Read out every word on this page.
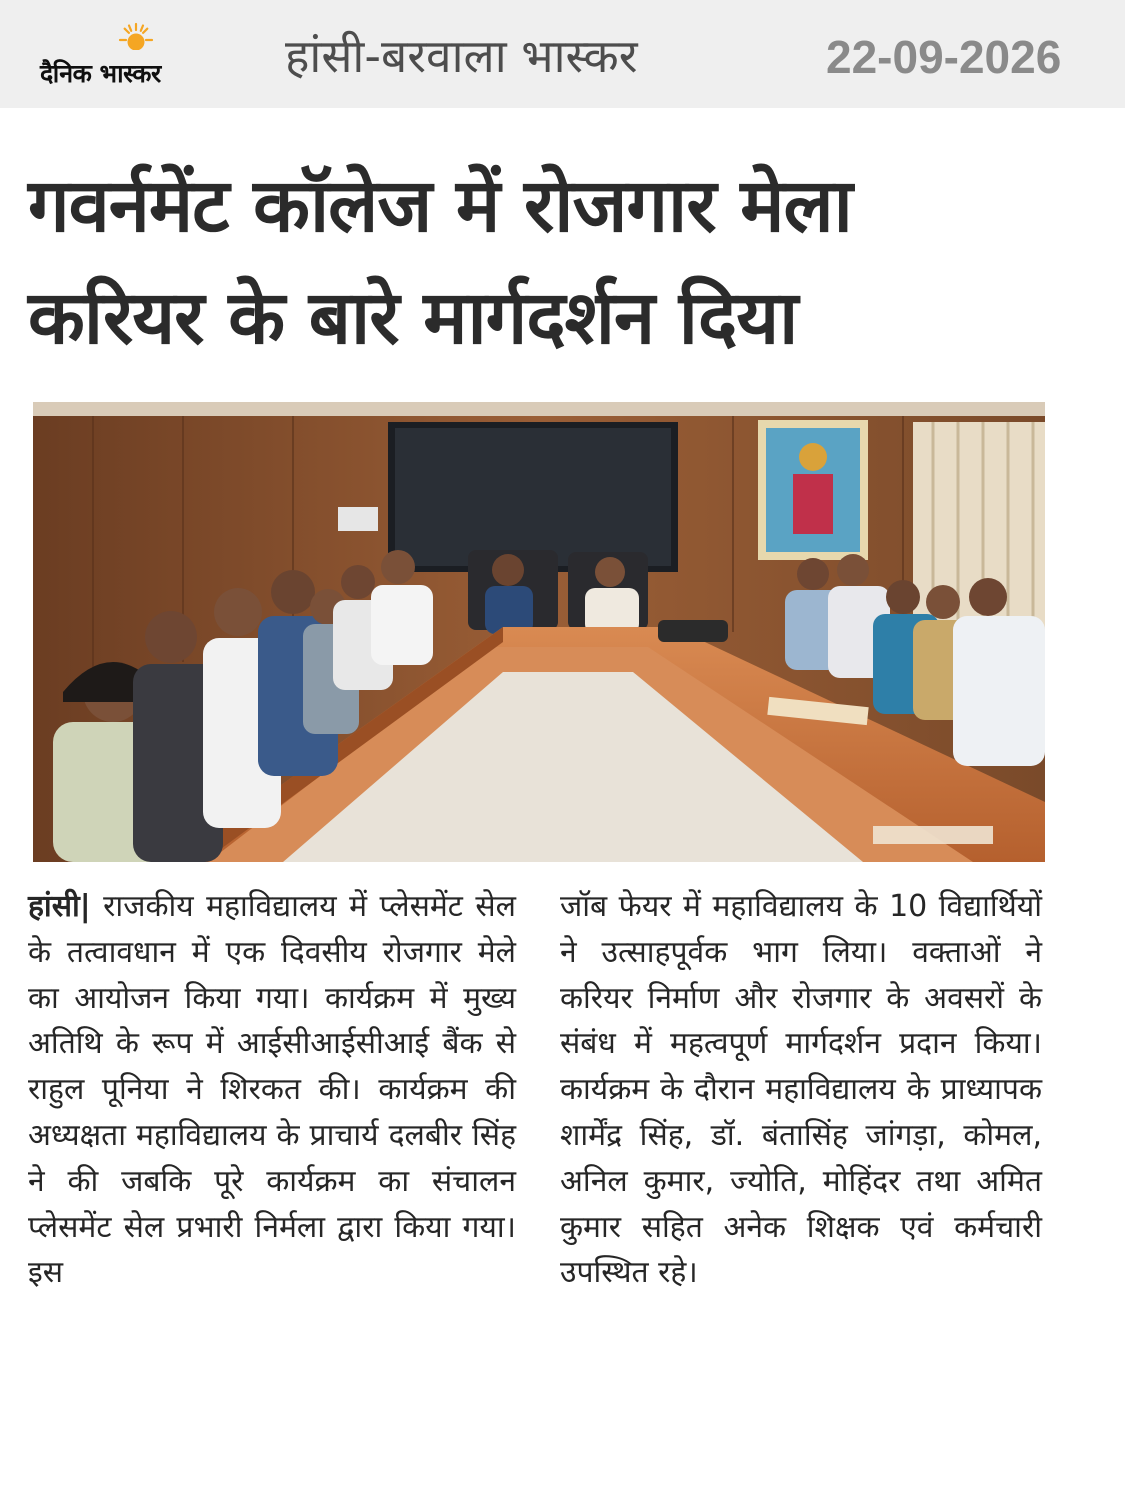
दैनिक भास्कर	हांसी-बरवाला भास्कर	22-09-2026
गवर्नमेंट कॉलेज में रोजगार मेला
करियर के बारे मार्गदर्शन दिया

हांसी| राजकीय महाविद्यालय में प्लेसमेंट सेल के तत्वावधान में एक दिवसीय रोजगार मेले का आयोजन किया गया। कार्यक्रम में मुख्य अतिथि के रूप में आईसीआईसीआई बैंक से राहुल पूनिया ने शिरकत की। कार्यक्रम की अध्यक्षता महाविद्यालय के प्राचार्य दलबीर सिंह ने की जबकि पूरे कार्यक्रम का संचालन प्लेसमेंट सेल प्रभारी निर्मला द्वारा किया गया। इस

जॉब फेयर में महाविद्यालय के 10 विद्यार्थियों ने उत्साहपूर्वक भाग लिया। वक्ताओं ने करियर निर्माण और रोजगार के अवसरों के संबंध में महत्वपूर्ण मार्गदर्शन प्रदान किया। कार्यक्रम के दौरान महाविद्यालय के प्राध्यापक शार्मेंद्र सिंह, डॉ. बंतासिंह जांगड़ा, कोमल, अनिल कुमार, ज्योति, मोहिंदर तथा अमित कुमार सहित अनेक शिक्षक एवं कर्मचारी उपस्थित रहे।
